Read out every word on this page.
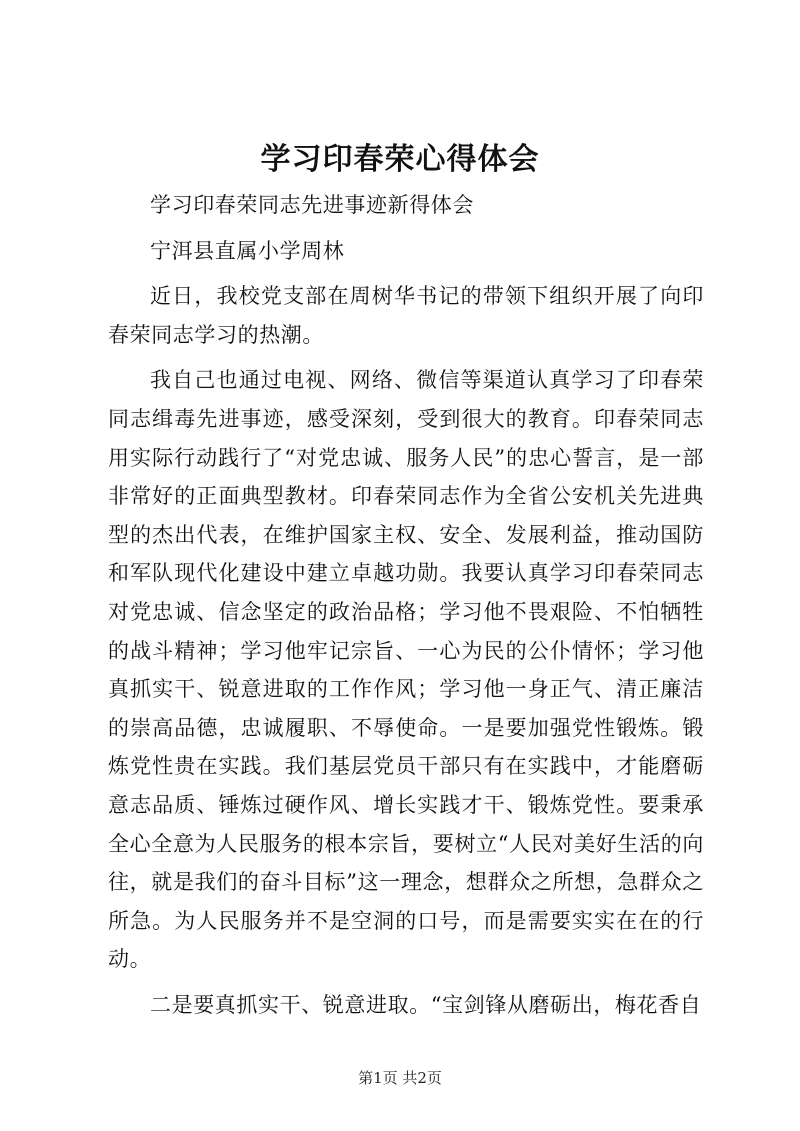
学习印春荣心得体会

学习印春荣同志先进事迹新得体会

宁洱县直属小学周林

近日，我校党支部在周树华书记的带领下组织开展了向印春荣同志学习的热潮。

我自己也通过电视、网络、微信等渠道认真学习了印春荣同志缉毒先进事迹，感受深刻，受到很大的教育。印春荣同志用实际行动践行了“对党忠诚、服务人民”的忠心誓言，是一部非常好的正面典型教材。印春荣同志作为全省公安机关先进典型的杰出代表，在维护国家主权、安全、发展利益，推动国防和军队现代化建设中建立卓越功勋。我要认真学习印春荣同志对党忠诚、信念坚定的政治品格；学习他不畏艰险、不怕牺牲的战斗精神；学习他牢记宗旨、一心为民的公仆情怀；学习他真抓实干、锐意进取的工作作风；学习他一身正气、清正廉洁的崇高品德，忠诚履职、不辱使命。一是要加强党性锻炼。锻炼党性贵在实践。我们基层党员干部只有在实践中，才能磨砺意志品质、锤炼过硬作风、增长实践才干、锻炼党性。要秉承全心全意为人民服务的根本宗旨，要树立“人民对美好生活的向往，就是我们的奋斗目标”这一理念，想群众之所想，急群众之所急。为人民服务并不是空洞的口号，而是需要实实在在的行动。

二是要真抓实干、锐意进取。“宝剑锋从磨砺出，梅花香自

第1页 共2页
